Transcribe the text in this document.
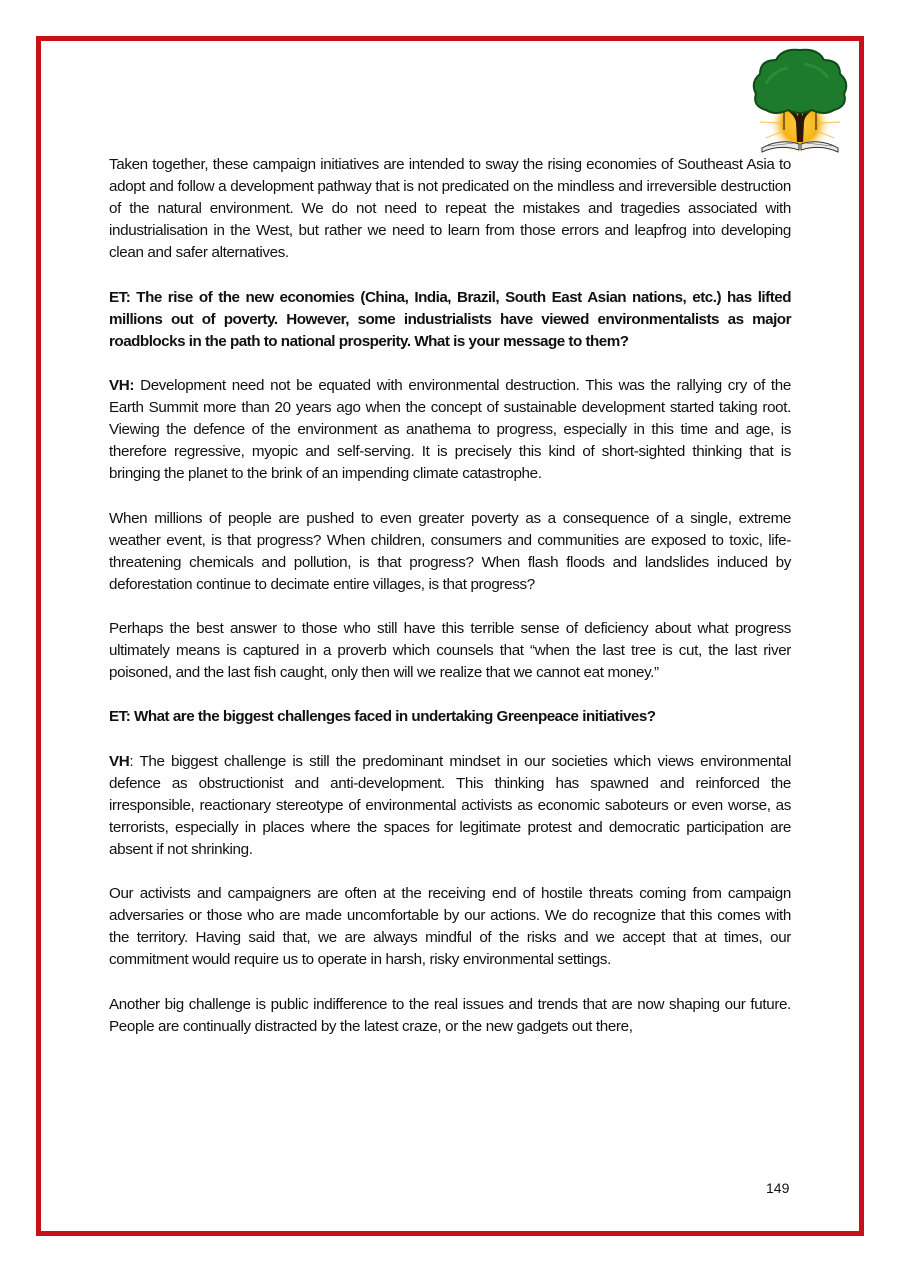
Taken together, these campaign initiatives are intended to sway the rising economies of Southeast Asia to adopt and follow a development pathway that is not predicated on the mindless and irreversible destruction of the natural environment. We do not need to repeat the mistakes and tragedies associated with industrialisation in the West, but rather we need to learn from those errors and leapfrog into developing clean and safer alternatives.

ET: The rise of the new economies (China, India, Brazil, South East Asian nations, etc.) has lifted millions out of poverty. However, some industrialists have viewed environmentalists as major roadblocks in the path to national prosperity. What is your message to them?

VH: Development need not be equated with environmental destruction. This was the rallying cry of the Earth Summit more than 20 years ago when the concept of sustainable development started taking root. Viewing the defence of the environment as anathema to progress, especially in this time and age, is therefore regressive, myopic and self-serving. It is precisely this kind of short-sighted thinking that is bringing the planet to the brink of an impending climate catastrophe.

When millions of people are pushed to even greater poverty as a consequence of a single, extreme weather event, is that progress? When children, consumers and communities are exposed to toxic, life-threatening chemicals and pollution, is that progress? When flash floods and landslides induced by deforestation continue to decimate entire villages, is that progress?

Perhaps the best answer to those who still have this terrible sense of deficiency about what progress ultimately means is captured in a proverb which counsels that “when the last tree is cut, the last river poisoned, and the last fish caught, only then will we realize that we cannot eat money.”

ET: What are the biggest challenges faced in undertaking Greenpeace initiatives?

VH: The biggest challenge is still the predominant mindset in our societies which views environmental defence as obstructionist and anti-development. This thinking has spawned and reinforced the irresponsible, reactionary stereotype of environmental activists as economic saboteurs or even worse, as terrorists, especially in places where the spaces for legitimate protest and democratic participation are absent if not shrinking.

Our activists and campaigners are often at the receiving end of hostile threats coming from campaign adversaries or those who are made uncomfortable by our actions. We do recognize that this comes with the territory. Having said that, we are always mindful of the risks and we accept that at times, our commitment would require us to operate in harsh, risky environmental settings.

Another big challenge is public indifference to the real issues and trends that are now shaping our future. People are continually distracted by the latest craze, or the new gadgets out there,

149
